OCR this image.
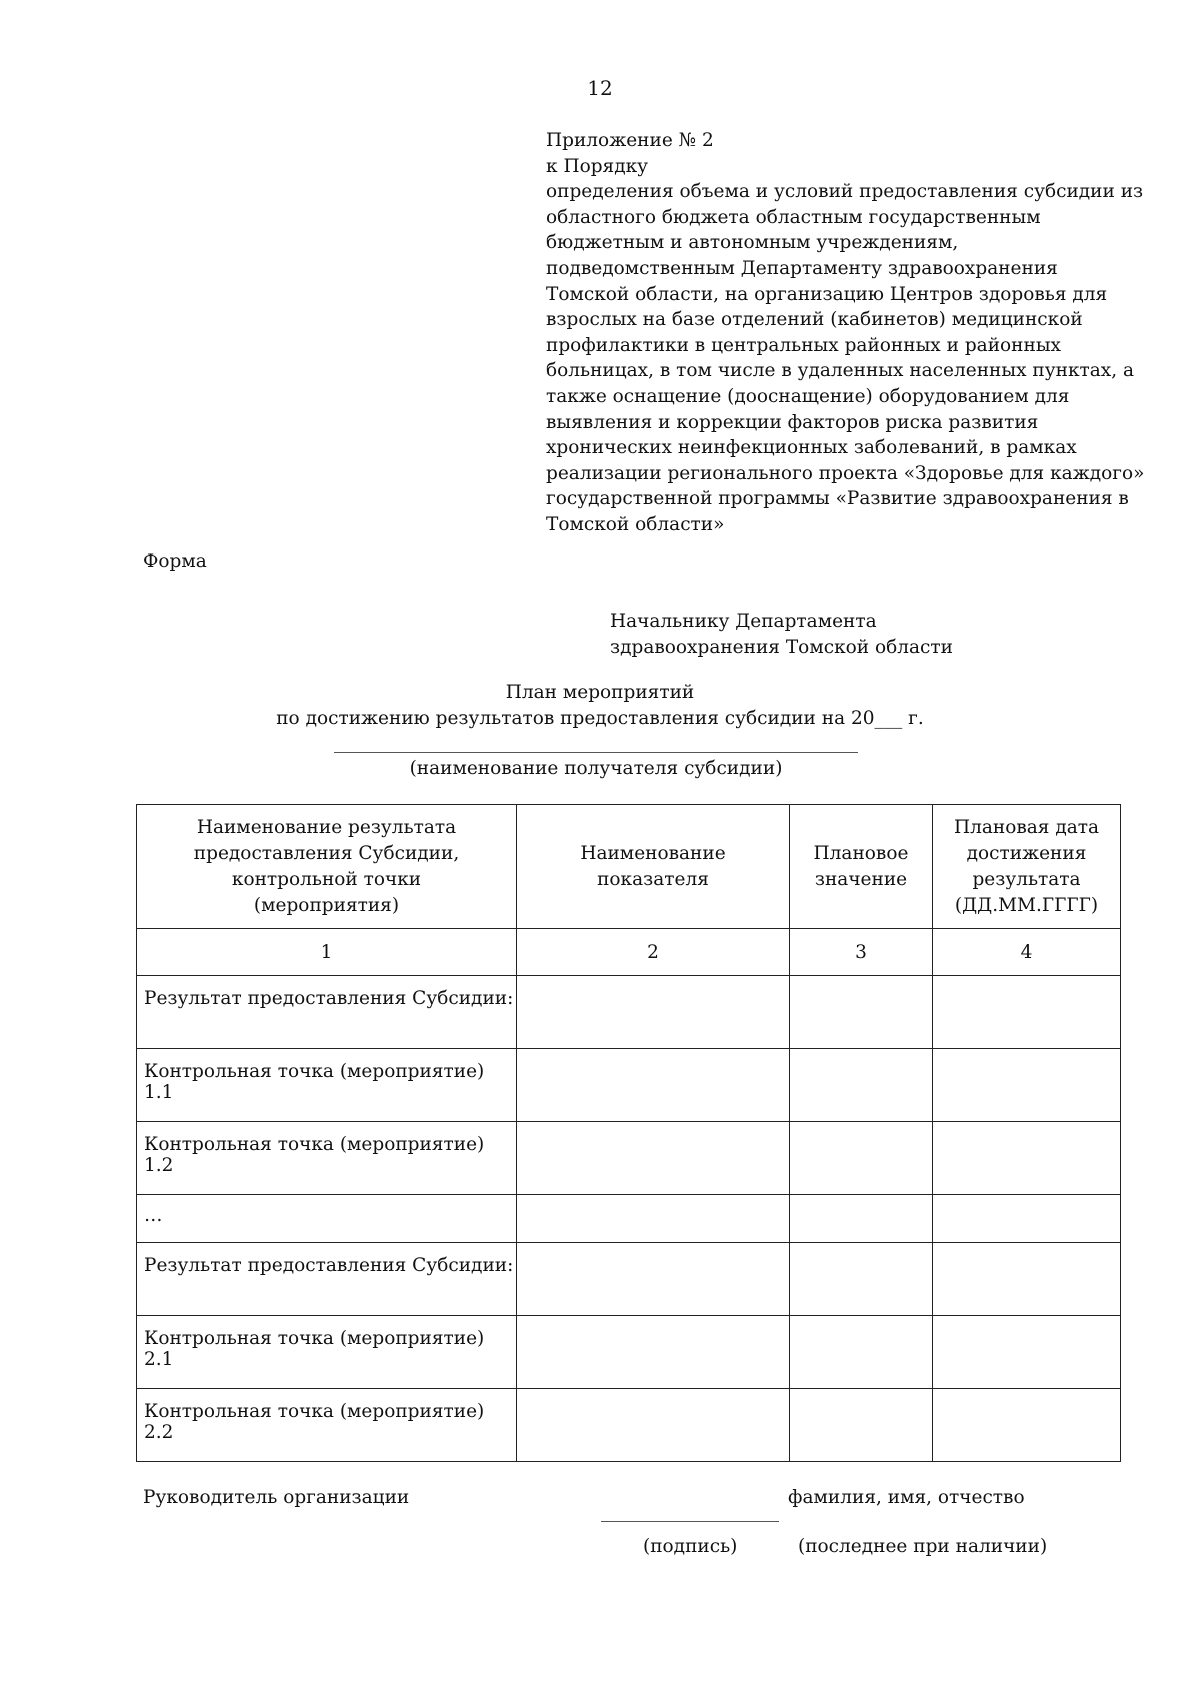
12
Приложение № 2
к Порядку
определения объема и условий предоставления субсидии из
областного бюджета областным государственным
бюджетным и автономным учреждениям,
подведомственным Департаменту здравоохранения
Томской области, на организацию Центров здоровья для
взрослых на базе отделений (кабинетов) медицинской
профилактики в центральных районных и районных
больницах, в том числе в удаленных населенных пунктах, а
также оснащение (дооснащение) оборудованием для
выявления и коррекции факторов риска развития
хронических неинфекционных заболеваний, в рамках
реализации регионального проекта «Здоровье для каждого»
государственной программы «Развитие здравоохранения в
Томской области»
Форма
Начальнику Департамента
здравоохранения Томской области
План мероприятий
по достижению результатов предоставления субсидии на 20___ г.
(наименование получателя субсидии)
Наименование результата предоставления Субсидии, контрольной точки (мероприятия)	Наименование показателя	Плановое значение	Плановая дата достижения результата (ДД.ММ.ГГГГ)

1	2	3	4
Результат предоставления Субсидии:			
Контрольная точка (мероприятие) 1.1			
Контрольная точка (мероприятие) 1.2			
…			
Результат предоставления Субсидии:			
Контрольная точка (мероприятие) 2.1			
Контрольная точка (мероприятие) 2.2			
Руководитель организации	фамилия, имя, отчество
(подпись)	(последнее при наличии)
